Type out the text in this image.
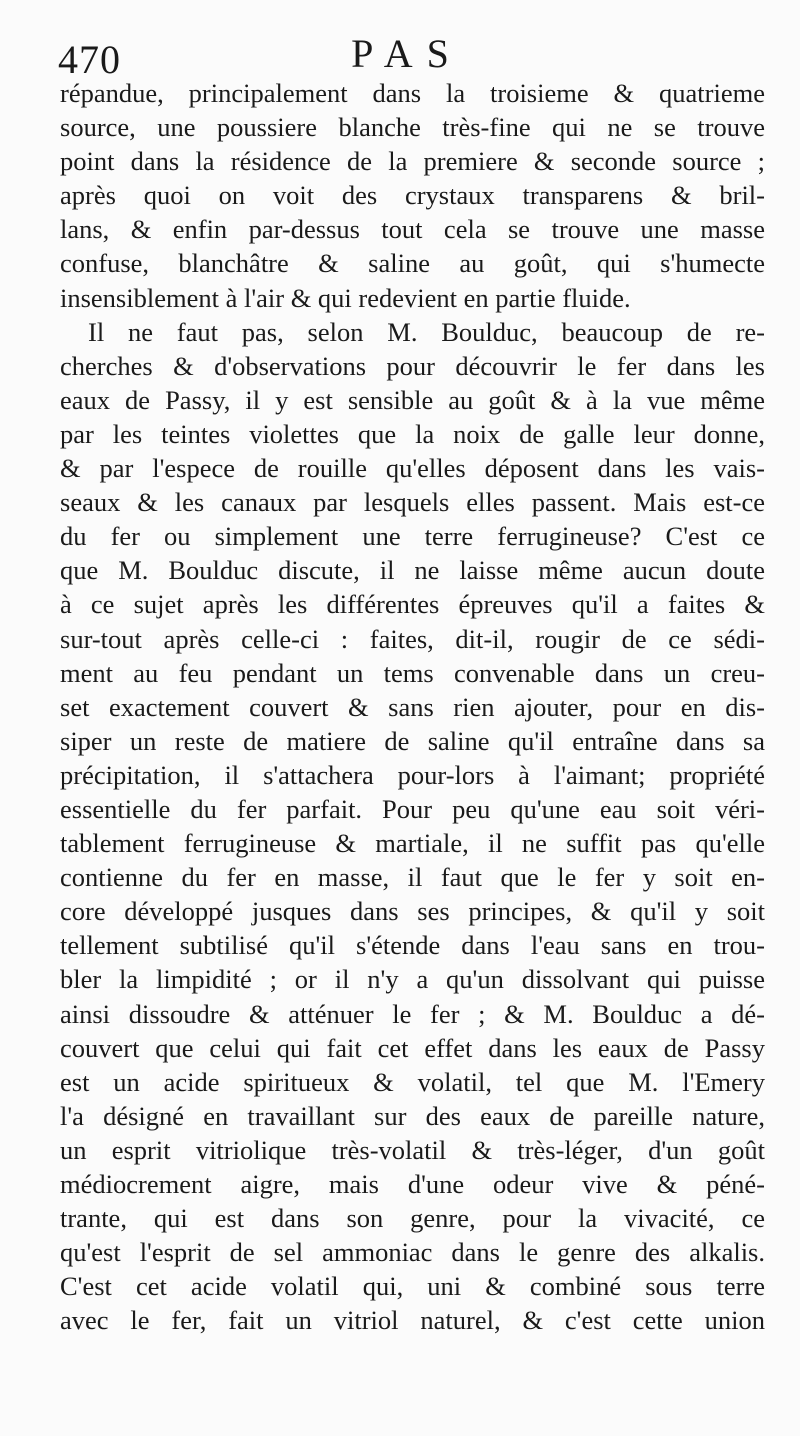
470	PAS
répandue, principalement dans la troisieme & quatrieme
source, une poussiere blanche très-fine qui ne se trouve
point dans la résidence de la premiere & seconde source ;
après quoi on voit des crystaux transparens & bril-
lans, & enfin par-dessus tout cela se trouve une masse
confuse, blanchâtre & saline au goût, qui s'humecte
insensiblement à l'air & qui redevient en partie fluide.
Il ne faut pas, selon M. Boulduc, beaucoup de re-
cherches & d'observations pour découvrir le fer dans les
eaux de Passy, il y est sensible au goût & à la vue même
par les teintes violettes que la noix de galle leur donne,
& par l'espece de rouille qu'elles déposent dans les vais-
seaux & les canaux par lesquels elles passent. Mais est-ce
du fer ou simplement une terre ferrugineuse? C'est ce
que M. Boulduc discute, il ne laisse même aucun doute
à ce sujet après les différentes épreuves qu'il a faites &
sur-tout après celle-ci : faites, dit-il, rougir de ce sédi-
ment au feu pendant un tems convenable dans un creu-
set exactement couvert & sans rien ajouter, pour en dis-
siper un reste de matiere de saline qu'il entraîne dans sa
précipitation, il s'attachera pour-lors à l'aimant; propriété
essentielle du fer parfait. Pour peu qu'une eau soit véri-
tablement ferrugineuse & martiale, il ne suffit pas qu'elle
contienne du fer en masse, il faut que le fer y soit en-
core développé jusques dans ses principes, & qu'il y soit
tellement subtilisé qu'il s'étende dans l'eau sans en trou-
bler la limpidité ; or il n'y a qu'un dissolvant qui puisse
ainsi dissoudre & atténuer le fer ; & M. Boulduc a dé-
couvert que celui qui fait cet effet dans les eaux de Passy
est un acide spiritueux & volatil, tel que M. l'Emery
l'a désigné en travaillant sur des eaux de pareille nature,
un esprit vitriolique très-volatil & très-léger, d'un goût
médiocrement aigre, mais d'une odeur vive & péné-
trante, qui est dans son genre, pour la vivacité, ce
qu'est l'esprit de sel ammoniac dans le genre des alkalis.
C'est cet acide volatil qui, uni & combiné sous terre
avec le fer, fait un vitriol naturel, & c'est cette union
